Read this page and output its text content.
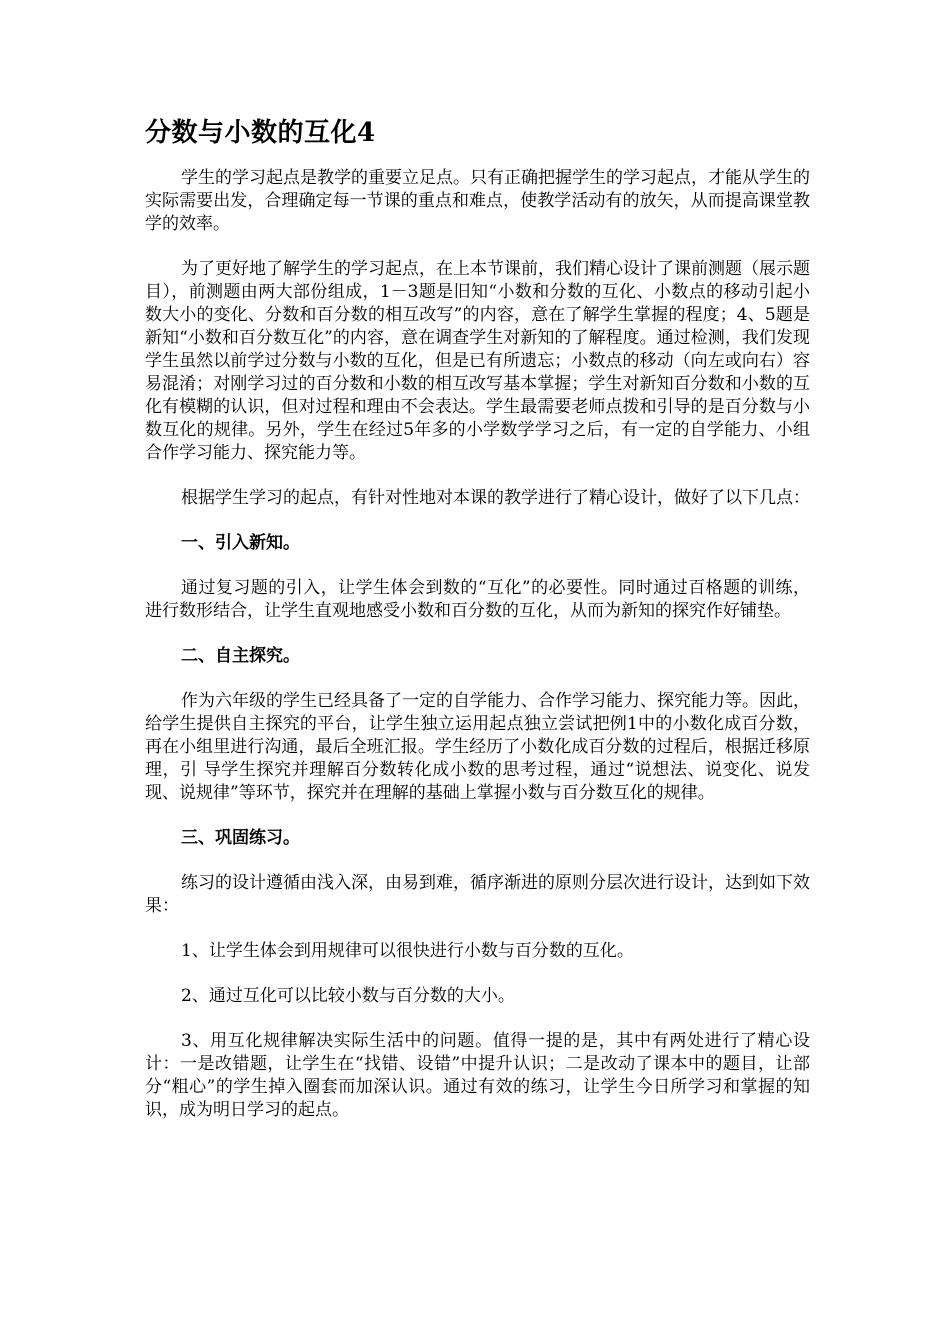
分数与小数的互化4

学生的学习起点是教学的重要立足点。只有正确把握学生的学习起点，才能从学生的实际需要出发，合理确定每一节课的重点和难点，使教学活动有的放矢，从而提高课堂教学的效率。

为了更好地了解学生的学习起点，在上本节课前，我们精心设计了课前测题（展示题目），前测题由两大部份组成，1－3题是旧知“小数和分数的互化、小数点的移动引起小数大小的变化、分数和百分数的相互改写”的内容，意在了解学生掌握的程度；4、5题是新知“小数和百分数互化”的内容，意在调查学生对新知的了解程度。通过检测，我们发现学生虽然以前学过分数与小数的互化，但是已有所遗忘；小数点的移动（向左或向右）容易混淆；对刚学习过的百分数和小数的相互改写基本掌握；学生对新知百分数和小数的互化有模糊的认识，但对过程和理由不会表达。学生最需要老师点拨和引导的是百分数与小数互化的规律。另外，学生在经过5年多的小学数学学习之后，有一定的自学能力、小组合作学习能力、探究能力等。

根据学生学习的起点，有针对性地对本课的教学进行了精心设计，做好了以下几点：

一、引入新知。

通过复习题的引入，让学生体会到数的“互化”的必要性。同时通过百格题的训练，进行数形结合，让学生直观地感受小数和百分数的互化，从而为新知的探究作好铺垫。

二、自主探究。

作为六年级的学生已经具备了一定的自学能力、合作学习能力、探究能力等。因此，给学生提供自主探究的平台，让学生独立运用起点独立尝试把例1中的小数化成百分数，再在小组里进行沟通，最后全班汇报。学生经历了小数化成百分数的过程后，根据迁移原理，引 导学生探究并理解百分数转化成小数的思考过程，通过“说想法、说变化、说发现、说规律”等环节，探究并在理解的基础上掌握小数与百分数互化的规律。

三、巩固练习。

练习的设计遵循由浅入深，由易到难，循序渐进的原则分层次进行设计，达到如下效果：

1、让学生体会到用规律可以很快进行小数与百分数的互化。

2、通过互化可以比较小数与百分数的大小。

3、用互化规律解决实际生活中的问题。值得一提的是，其中有两处进行了精心设计：一是改错题，让学生在“找错、设错”中提升认识；二是改动了课本中的题目，让部分“粗心”的学生掉入圈套而加深认识。通过有效的练习，让学生今日所学习和掌握的知识，成为明日学习的起点。
